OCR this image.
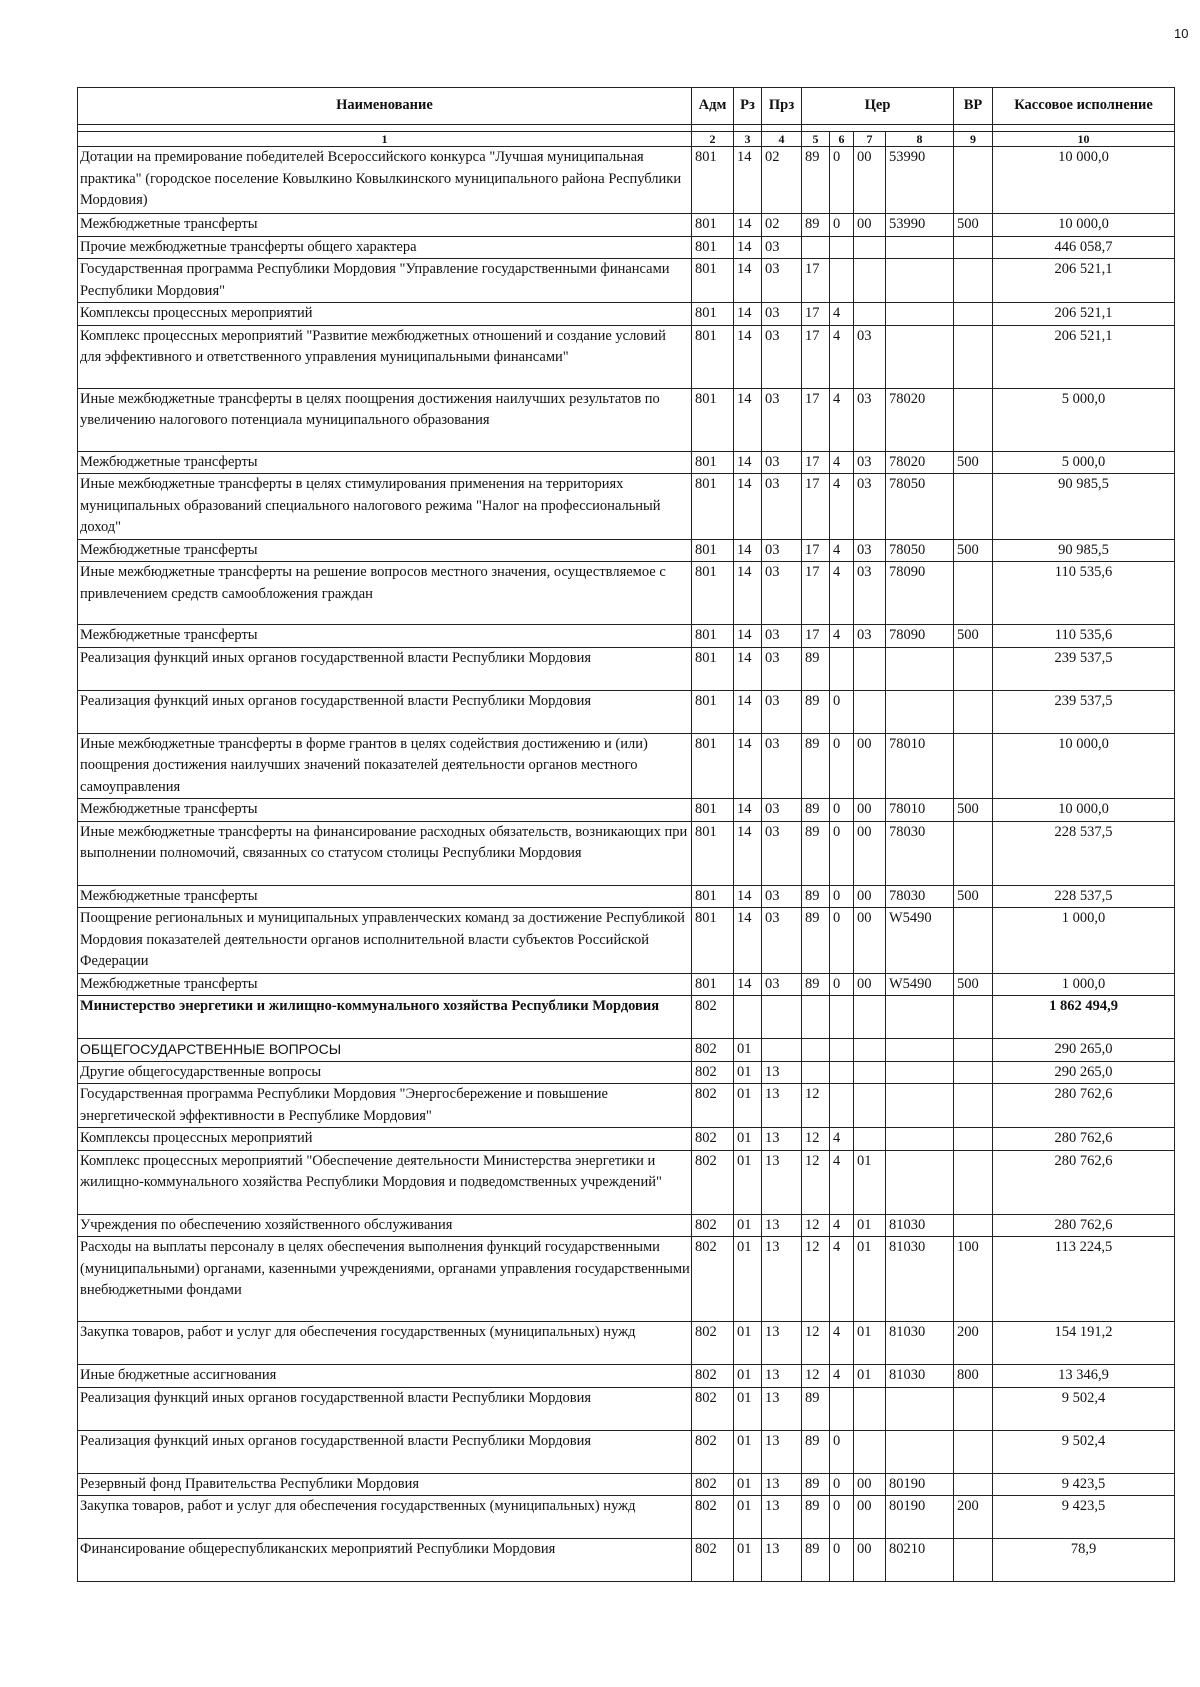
10
Наименование	Адм	Рз	Прз	Цер				ВР	Кассовое исполнение

1	2	3	4	5	6	7	8	9	10
Дотации на премирование победителей Всероссийского конкурса "Лучшая муниципальная практика" (городское поселение Ковылкино Ковылкинского муниципального района Республики Мордовия)	801	14	02	89	0	00	53990		10 000,0
Межбюджетные трансферты	801	14	02	89	0	00	53990	500	10 000,0
Прочие межбюджетные трансферты общего характера	801	14	03						446 058,7
Государственная программа Республики Мордовия "Управление государственными финансами Республики Мордовия"	801	14	03	17					206 521,1
Комплексы процессных мероприятий	801	14	03	17	4				206 521,1
Комплекс процессных мероприятий "Развитие межбюджетных отношений и создание условий для эффективного и ответственного управления муниципальными финансами"	801	14	03	17	4	03			206 521,1
Иные межбюджетные трансферты в целях поощрения достижения наилучших результатов по увеличению налогового потенциала муниципального образования	801	14	03	17	4	03	78020		5 000,0
Межбюджетные трансферты	801	14	03	17	4	03	78020	500	5 000,0
Иные межбюджетные трансферты в целях стимулирования применения на территориях муниципальных образований специального налогового режима "Налог на профессиональный доход"	801	14	03	17	4	03	78050		90 985,5
Межбюджетные трансферты	801	14	03	17	4	03	78050	500	90 985,5
Иные межбюджетные трансферты на решение вопросов местного значения, осуществляемое с привлечением средств самообложения граждан	801	14	03	17	4	03	78090		110 535,6
Межбюджетные трансферты	801	14	03	17	4	03	78090	500	110 535,6
Реализация функций иных органов государственной власти Республики Мордовия	801	14	03	89					239 537,5
Реализация функций иных органов государственной власти Республики Мордовия	801	14	03	89	0				239 537,5
Иные межбюджетные трансферты в форме грантов в целях содействия достижению и (или) поощрения достижения наилучших значений показателей деятельности органов местного самоуправления	801	14	03	89	0	00	78010		10 000,0
Межбюджетные трансферты	801	14	03	89	0	00	78010	500	10 000,0
Иные межбюджетные трансферты на финансирование расходных обязательств, возникающих при выполнении полномочий, связанных со статусом столицы Республики Мордовия	801	14	03	89	0	00	78030		228 537,5
Межбюджетные трансферты	801	14	03	89	0	00	78030	500	228 537,5
Поощрение региональных и муниципальных управленческих команд за достижение Республикой Мордовия показателей деятельности органов исполнительной власти субъектов Российской Федерации	801	14	03	89	0	00	W5490		1 000,0
Межбюджетные трансферты	801	14	03	89	0	00	W5490	500	1 000,0
Министерство энергетики и жилищно-коммунального хозяйства Республики Мордовия	802								1 862 494,9
ОБЩЕГОСУДАРСТВЕННЫЕ ВОПРОСЫ	802	01							290 265,0
Другие общегосударственные вопросы	802	01	13						290 265,0
Государственная программа Республики Мордовия "Энергосбережение и повышение энергетической эффективности в Республике Мордовия"	802	01	13	12					280 762,6
Комплексы процессных мероприятий	802	01	13	12	4				280 762,6
Комплекс процессных мероприятий "Обеспечение деятельности Министерства энергетики и жилищно-коммунального хозяйства Республики Мордовия и подведомственных учреждений"	802	01	13	12	4	01			280 762,6
Учреждения по обеспечению хозяйственного обслуживания	802	01	13	12	4	01	81030		280 762,6
Расходы на выплаты персоналу в целях обеспечения выполнения функций государственными (муниципальными) органами, казенными учреждениями, органами управления государственными внебюджетными фондами	802	01	13	12	4	01	81030	100	113 224,5
Закупка товаров, работ и услуг для обеспечения государственных (муниципальных) нужд	802	01	13	12	4	01	81030	200	154 191,2
Иные бюджетные ассигнования	802	01	13	12	4	01	81030	800	13 346,9
Реализация функций иных органов государственной власти Республики Мордовия	802	01	13	89					9 502,4
Реализация функций иных органов государственной власти Республики Мордовия	802	01	13	89	0				9 502,4
Резервный фонд Правительства Республики Мордовия	802	01	13	89	0	00	80190		9 423,5
Закупка товаров, работ и услуг для обеспечения государственных (муниципальных) нужд	802	01	13	89	0	00	80190	200	9 423,5
Финансирование общереспубликанских мероприятий Республики Мордовия	802	01	13	89	0	00	80210		78,9
